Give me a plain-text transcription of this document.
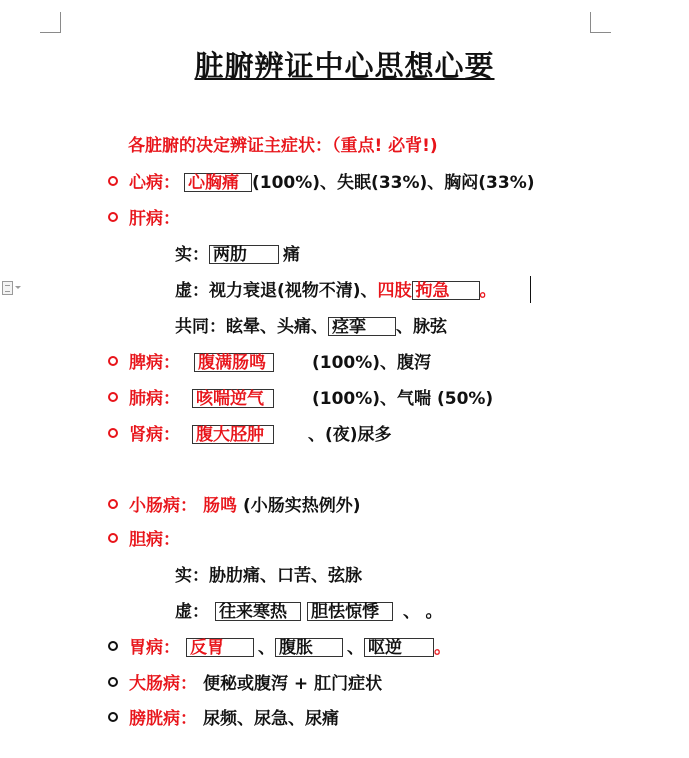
脏腑辨证中心思想心要
各脏腑的决定辨证主症状：（重点! 必背!)
心病： 心胸痛 (100%)、失眠(33%)、胸闷(33%)
肝病：
实： 两肋 痛
虚：视力衰退(视物不清)、四肢 拘急 。
共同：眩晕、头痛、 痉挛 、脉弦
脾病： 腹满肠鸣	(100%)、腹泻
肺病： 咳喘逆气	(100%)、气喘 (50%)
肾病： 腹大胫肿	、(夜)尿多
小肠病： 肠鸣 (小肠实热例外)
胆病：
实：胁肋痛、口苦、弦脉
虚： 往来寒热 胆怯惊悸 、 。
胃病： 反胃 、 腹胀 、 呕逆 。
大肠病： 便秘或腹泻 + 肛门症状
膀胱病： 尿频、尿急、尿痛
